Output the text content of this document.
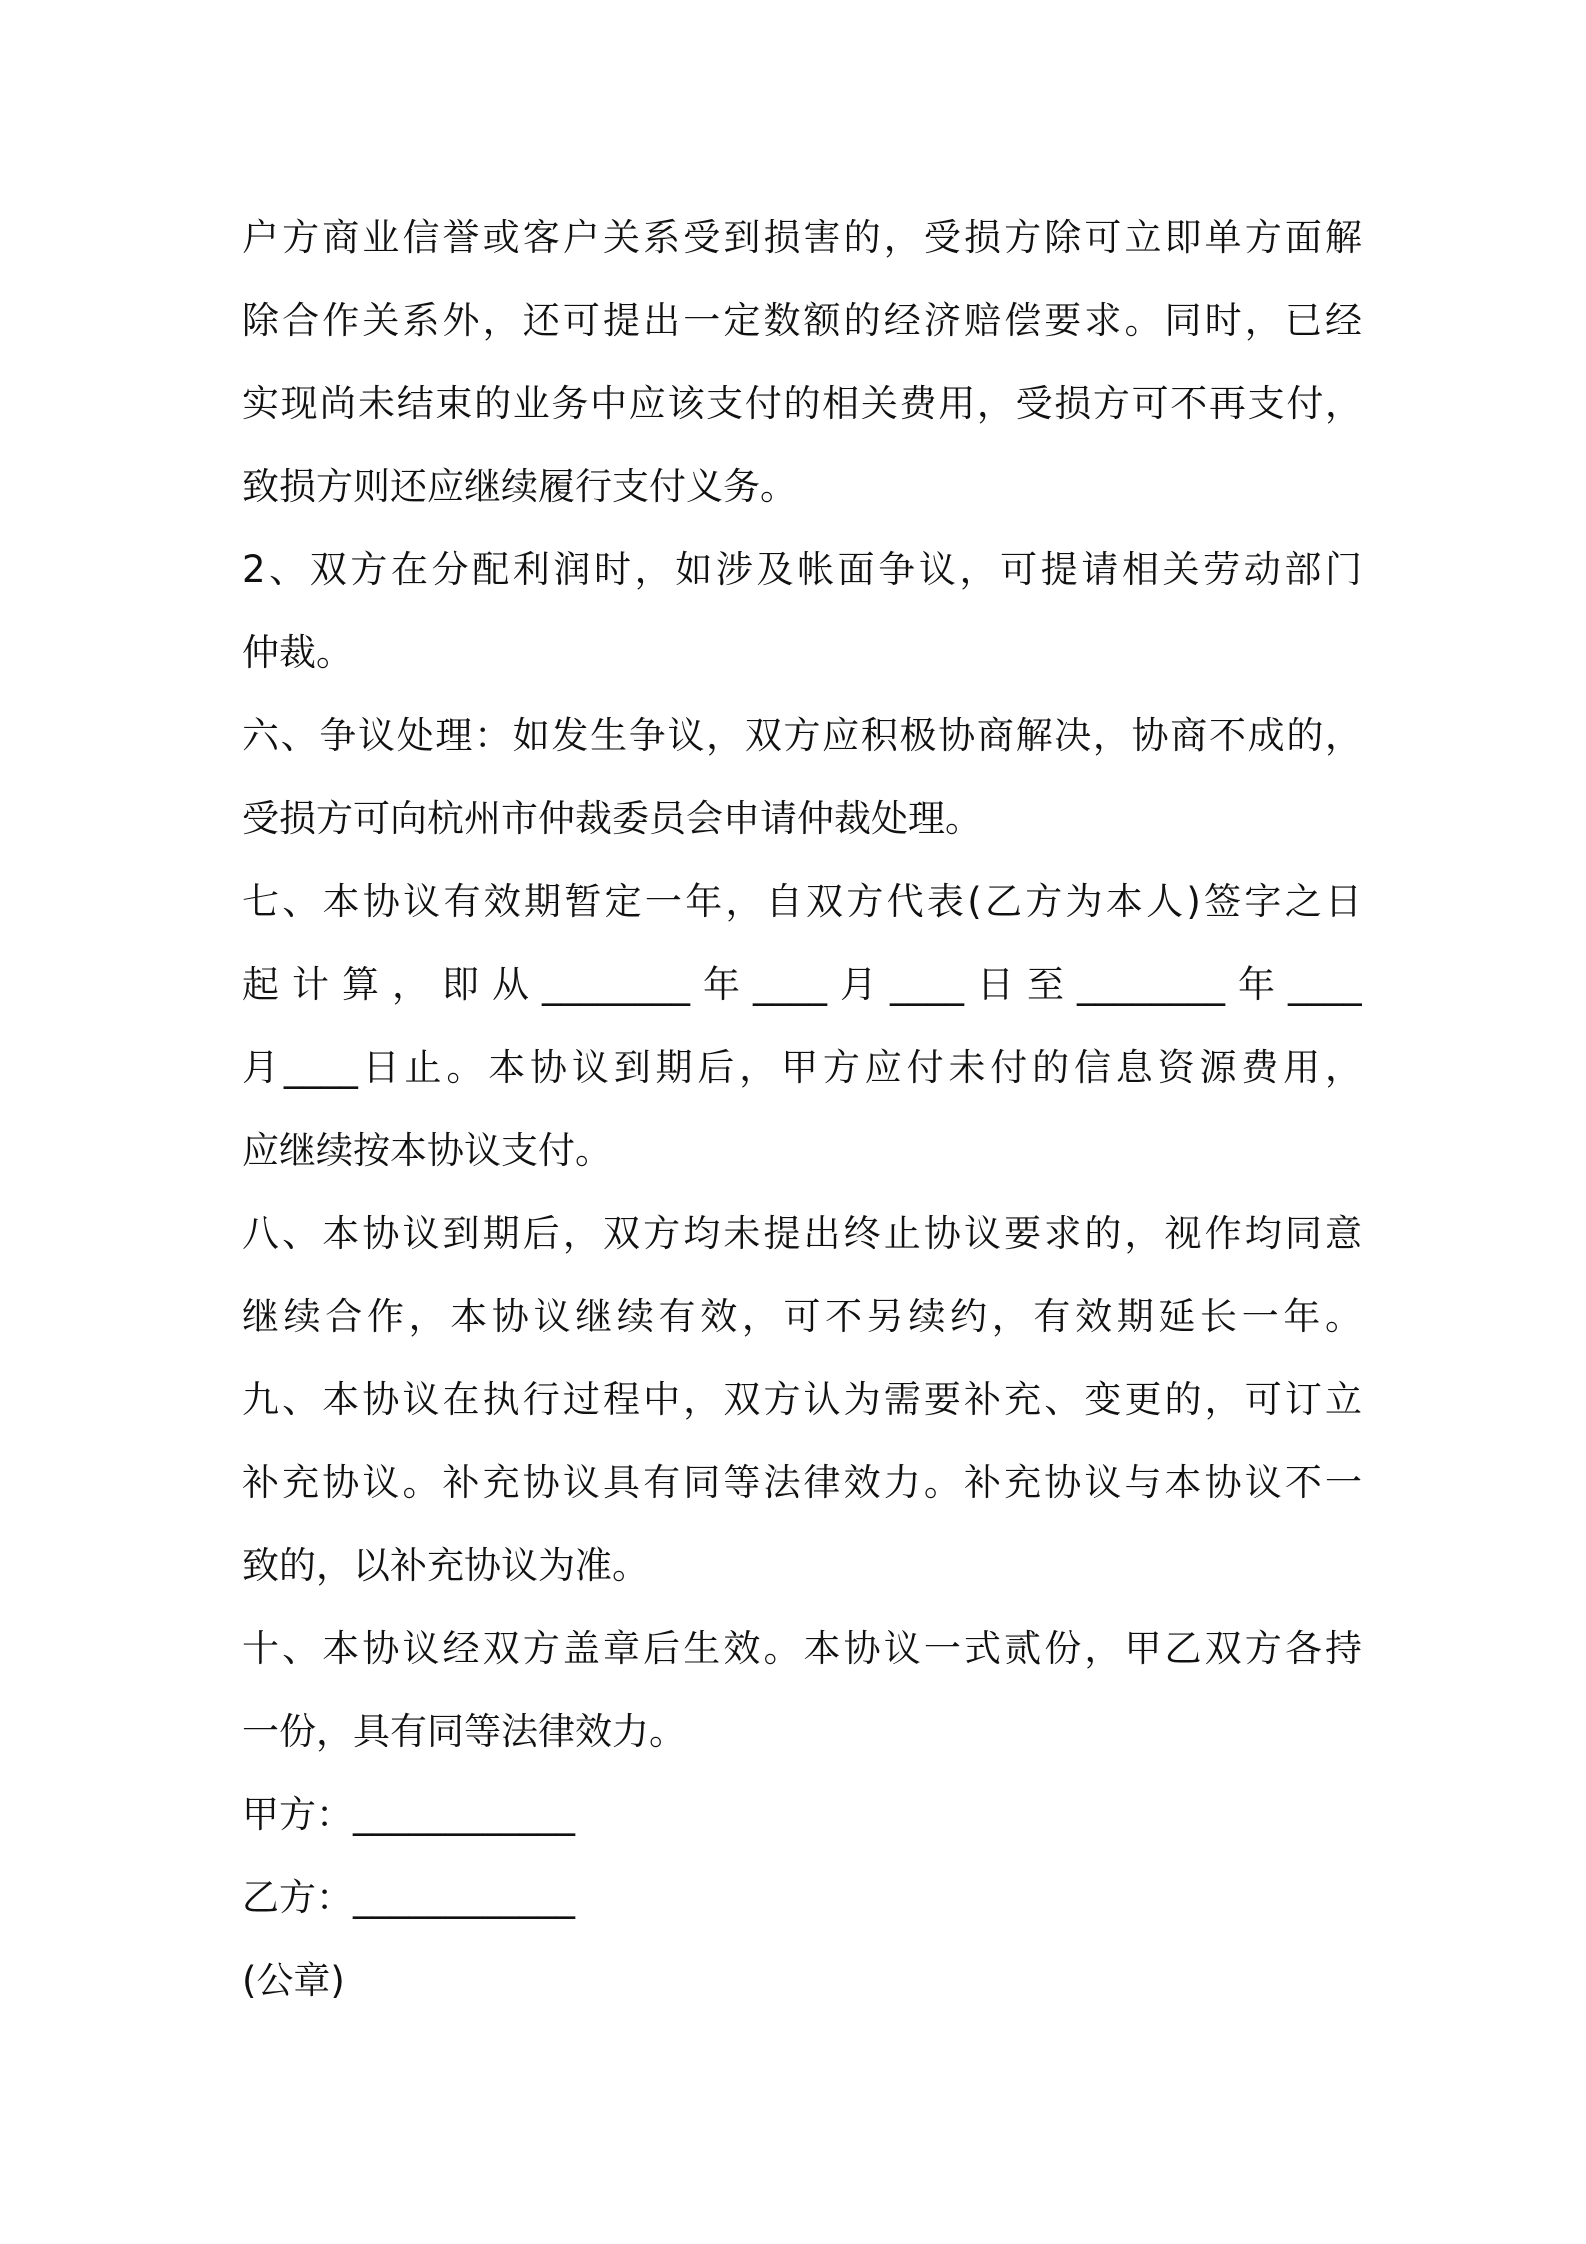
户方商业信誉或客户关系受到损害的，受损方除可立即单方面解
除合作关系外，还可提出一定数额的经济赔偿要求。同时，已经
实现尚未结束的业务中应该支付的相关费用，受损方可不再支付，
致损方则还应继续履行支付义务。
2、双方在分配利润时，如涉及帐面争议，可提请相关劳动部门
仲裁。
六、争议处理：如发生争议，双方应积极协商解决，协商不成的，
受损方可向杭州市仲裁委员会申请仲裁处理。
七、本协议有效期暂定一年，自双方代表(乙方为本人)签字之日
起计算，即从________年____月____日至________年____
月____日止。本协议到期后，甲方应付未付的信息资源费用，
应继续按本协议支付。
八、本协议到期后，双方均未提出终止协议要求的，视作均同意
继续合作，本协议继续有效，可不另续约，有效期延长一年。
九、本协议在执行过程中，双方认为需要补充、变更的，可订立
补充协议。补充协议具有同等法律效力。补充协议与本协议不一
致的，以补充协议为准。
十、本协议经双方盖章后生效。本协议一式贰份，甲乙双方各持
一份，具有同等法律效力。
甲方：____________
乙方：____________
(公章)
